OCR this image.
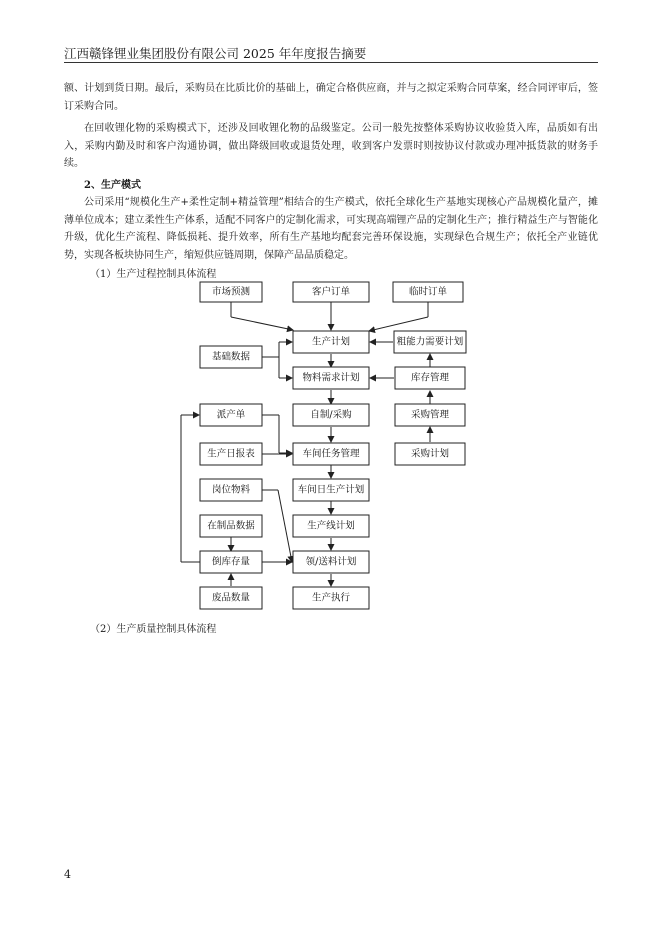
江西赣锋锂业集团股份有限公司 2025 年年度报告摘要

额、计划到货日期。最后，采购员在比质比价的基础上，确定合格供应商，并与之拟定采购合同草案，经合同评审后，签订采购合同。

在回收锂化物的采购模式下，还涉及回收锂化物的品级鉴定。公司一般先按整体采购协议收验货入库，品质如有出入，采购内勤及时和客户沟通协调，做出降级回收或退货处理，收到客户发票时则按协议付款或办理冲抵货款的财务手续。

2、生产模式

公司采用“规模化生产+柔性定制+精益管理”相结合的生产模式，依托全球化生产基地实现核心产品规模化量产，摊薄单位成本；建立柔性生产体系，适配不同客户的定制化需求，可实现高端锂产品的定制化生产；推行精益生产与智能化升级，优化生产流程、降低损耗、提升效率，所有生产基地均配套完善环保设施，实现绿色合规生产；依托全产业链优势，实现各板块协同生产，缩短供应链周期，保障产品品质稳定。

（1）生产过程控制具体流程

市场预测	客户订单	临时订单
生产计划	粗能力需要计划
基础数据
物料需求计划	库存管理
派产单	自制/采购	采购管理
生产日报表	车间任务管理	采购计划
岗位物料	车间日生产计划
在制品数据	生产线计划
倒库存量	领/送料计划
废品数量	生产执行

（2）生产质量控制具体流程

4
